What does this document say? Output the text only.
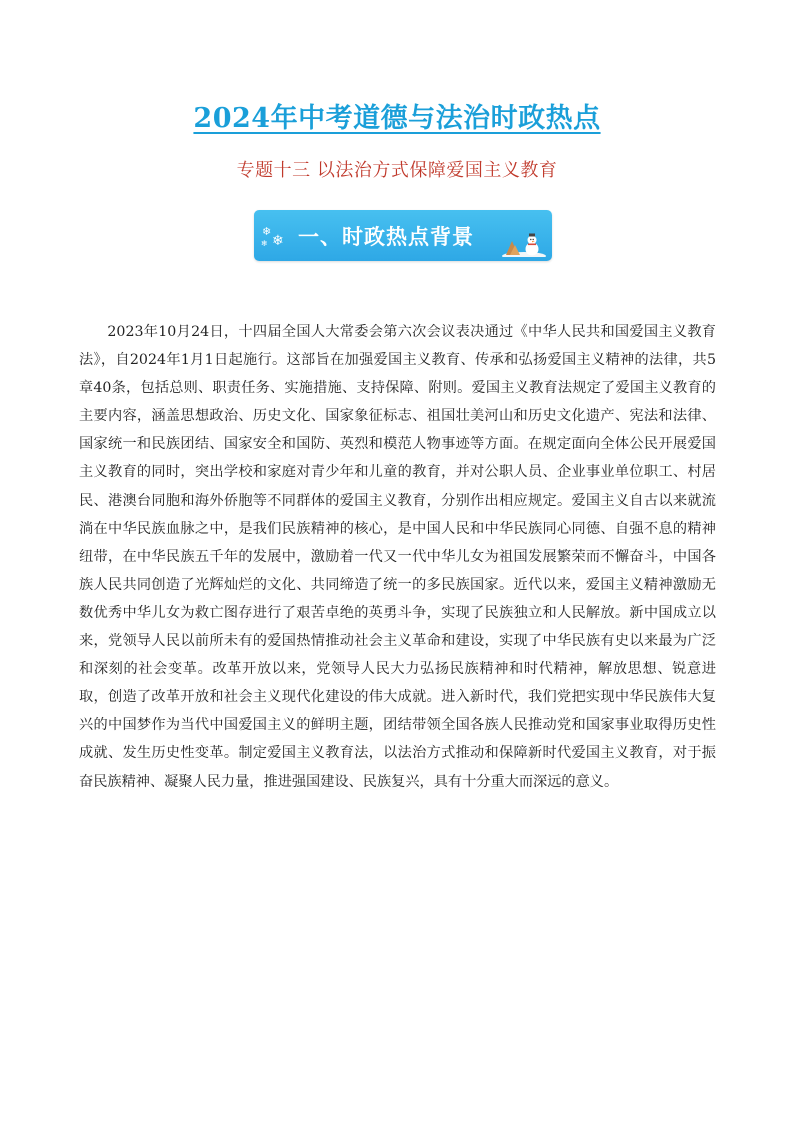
2024年中考道德与法治时政热点
专题十三 以法治方式保障爱国主义教育
❄
❄
❄ 一、时政热点背景

2023年10月24日，十四届全国人大常委会第六次会议表决通过《中华人民共和国爱国主义教育法》，自2024年1月1日起施行。这部旨在加强爱国主义教育、传承和弘扬爱国主义精神的法律，共5章40条，包括总则、职责任务、实施措施、支持保障、附则。爱国主义教育法规定了爱国主义教育的主要内容，涵盖思想政治、历史文化、国家象征标志、祖国壮美河山和历史文化遗产、宪法和法律、国家统一和民族团结、国家安全和国防、英烈和模范人物事迹等方面。在规定面向全体公民开展爱国主义教育的同时，突出学校和家庭对青少年和儿童的教育，并对公职人员、企业事业单位职工、村居民、港澳台同胞和海外侨胞等不同群体的爱国主义教育，分别作出相应规定。爱国主义自古以来就流淌在中华民族血脉之中，是我们民族精神的核心，是中国人民和中华民族同心同德、自强不息的精神纽带，在中华民族五千年的发展中，激励着一代又一代中华儿女为祖国发展繁荣而不懈奋斗，中国各族人民共同创造了光辉灿烂的文化、共同缔造了统一的多民族国家。近代以来，爱国主义精神激励无数优秀中华儿女为救亡图存进行了艰苦卓绝的英勇斗争，实现了民族独立和人民解放。新中国成立以来，党领导人民以前所未有的爱国热情推动社会主义革命和建设，实现了中华民族有史以来最为广泛和深刻的社会变革。改革开放以来，党领导人民大力弘扬民族精神和时代精神，解放思想、锐意进取，创造了改革开放和社会主义现代化建设的伟大成就。进入新时代，我们党把实现中华民族伟大复兴的中国梦作为当代中国爱国主义的鲜明主题，团结带领全国各族人民推动党和国家事业取得历史性成就、发生历史性变革。制定爱国主义教育法，以法治方式推动和保障新时代爱国主义教育，对于振奋民族精神、凝聚人民力量，推进强国建设、民族复兴，具有十分重大而深远的意义。
